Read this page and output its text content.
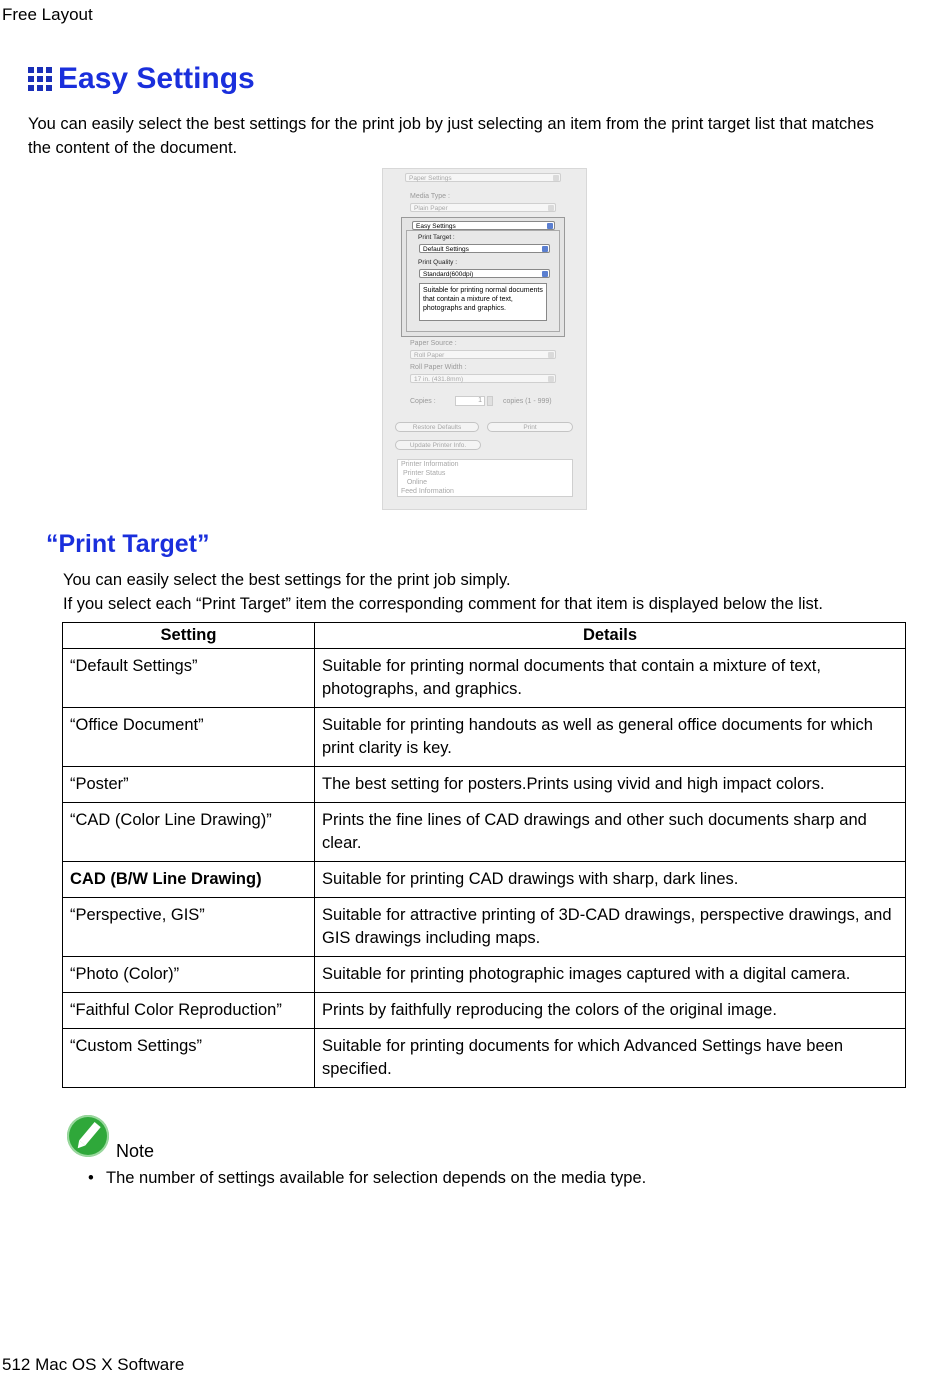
Free Layout
Easy Settings
You can easily select the best settings for the print job by just selecting an item from the print target list that matches the content of the document.
Paper Settings
Media Type :
Plain Paper
Easy Settings
Print Target :
Default Settings
Print Quality :
Standard(600dpi)
Suitable for printing normal documents that contain a mixture of text, photographs and graphics.
Paper Source :
Roll Paper
Roll Paper Width :
17 in. (431.8mm)
Copies :	1	copies (1 - 999)
Restore Defaults	Print
Update Printer Info.
Printer Information
Printer Status
Online
Feed Information
“Print Target”
You can easily select the best settings for the print job simply.
If you select each “Print Target” item the corresponding comment for that item is displayed below the list.
Setting	Details
“Default Settings”	Suitable for printing normal documents that contain a mixture of text, photographs, and graphics.
“Office Document”	Suitable for printing handouts as well as general office documents for which print clarity is key.
“Poster”	The best setting for posters.Prints using vivid and high impact colors.
“CAD (Color Line Drawing)”	Prints the fine lines of CAD drawings and other such documents sharp and clear.
CAD (B/W Line Drawing)	Suitable for printing CAD drawings with sharp, dark lines.
“Perspective, GIS”	Suitable for attractive printing of 3D-CAD drawings, perspective drawings, and GIS drawings including maps.
“Photo (Color)”	Suitable for printing photographic images captured with a digital camera.
“Faithful Color Reproduction”	Prints by faithfully reproducing the colors of the original image.
“Custom Settings”	Suitable for printing documents for which Advanced Settings have been specified.
Note
• The number of settings available for selection depends on the media type.
512 Mac OS X Software
